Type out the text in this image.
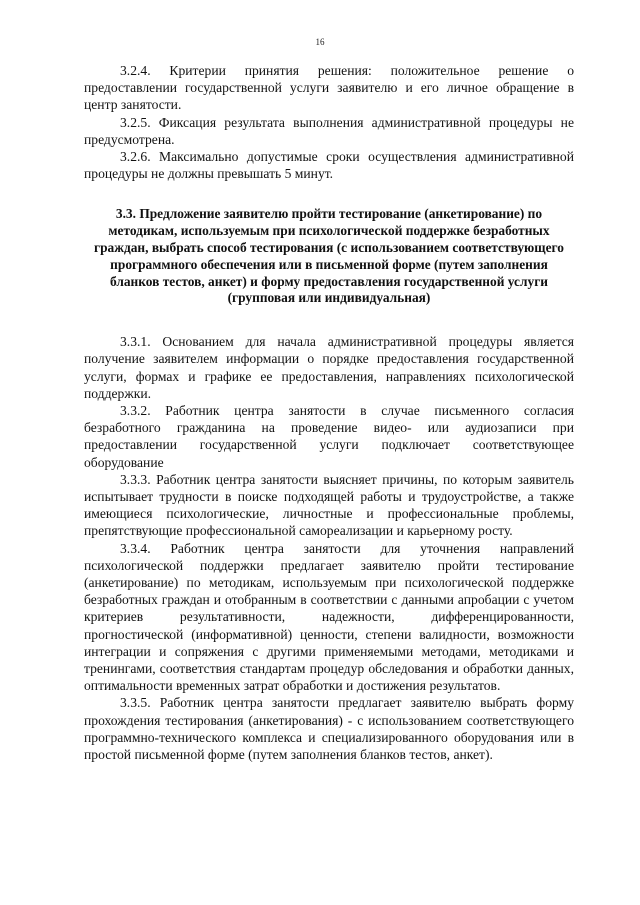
16

3.2.4. Критерии принятия решения: положительное решение о предоставлении государственной услуги заявителю и его личное обращение в центр занятости.

3.2.5. Фиксация результата выполнения административной процедуры не предусмотрена.

3.2.6. Максимально допустимые сроки осуществления административной процедуры не должны превышать 5 минут.

3.3. Предложение заявителю пройти тестирование (анкетирование) по методикам, используемым при психологической поддержке безработных граждан, выбрать способ тестирования (с использованием соответствующего программного обеспечения или в письменной форме (путем заполнения бланков тестов, анкет) и форму предоставления государственной услуги (групповая или индивидуальная)

3.3.1. Основанием для начала административной процедуры является получение заявителем информации о порядке предоставления государственной услуги, формах и графике ее предоставления, направлениях психологической поддержки.

3.3.2. Работник центра занятости в случае письменного согласия безработного гражданина на проведение видео- или аудиозаписи при предоставлении государственной услуги подключает соответствующее оборудование

3.3.3. Работник центра занятости выясняет причины, по которым заявитель испытывает трудности в поиске подходящей работы и трудоустройстве, а также имеющиеся психологические, личностные и профессиональные проблемы, препятствующие профессиональной самореализации и карьерному росту.

3.3.4. Работник центра занятости для уточнения направлений психологической поддержки предлагает заявителю пройти тестирование (анкетирование) по методикам, используемым при психологической поддержке безработных граждан и отобранным в соответствии с данными апробации с учетом критериев результативности, надежности, дифференцированности, прогностической (информативной) ценности, степени валидности, возможности интеграции и сопряжения с другими применяемыми методами, методиками и тренингами, соответствия стандартам процедур обследования и обработки данных, оптимальности временных затрат обработки и достижения результатов.

3.3.5. Работник центра занятости предлагает заявителю выбрать форму прохождения тестирования (анкетирования) - с использованием соответствующего программно-технического комплекса и специализированного оборудования или в простой письменной форме (путем заполнения бланков тестов, анкет).
